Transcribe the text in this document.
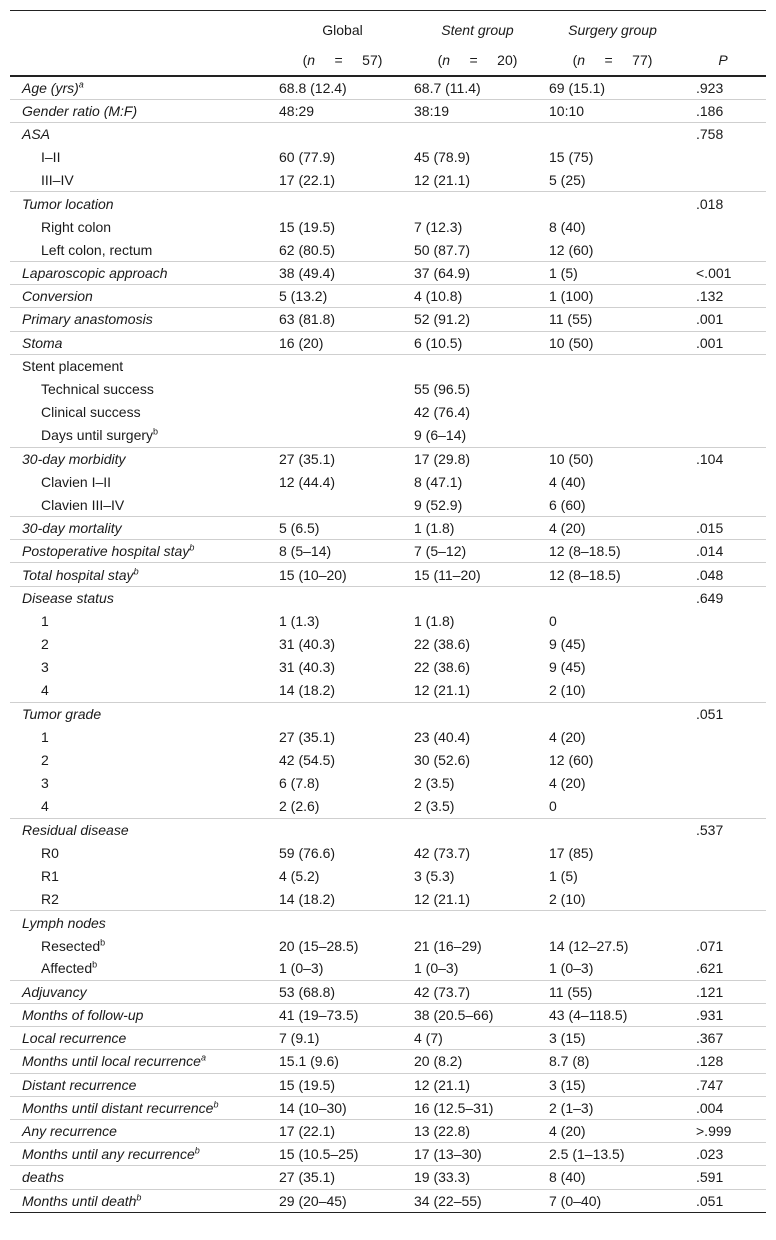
	Global	Stent group	Surgery group	
	(n = 57)	(n = 20)	(n = 77)	P
Age (yrs)$^a$	68.8 (12.4)	68.7 (11.4)	69 (15.1)	.923
Gender ratio (M:F)	48:29	38:19	10:10	.186
ASA				.758
I–II	60 (77.9)	45 (78.9)	15 (75)	
III–IV	17 (22.1)	12 (21.1)	5 (25)	
Tumor location				.018
Right colon	15 (19.5)	7 (12.3)	8 (40)	
Left colon, rectum	62 (80.5)	50 (87.7)	12 (60)	
Laparoscopic approach	38 (49.4)	37 (64.9)	1 (5)	<.001
Conversion	5 (13.2)	4 (10.8)	1 (100)	.132
Primary anastomosis	63 (81.8)	52 (91.2)	11 (55)	.001
Stoma	16 (20)	6 (10.5)	10 (50)	.001
Stent placement				
Technical success		55 (96.5)		
Clinical success		42 (76.4)		
Days until surgery$^b$		9 (6–14)		
30-day morbidity	27 (35.1)	17 (29.8)	10 (50)	.104
Clavien I–II	12 (44.4)	8 (47.1)	4 (40)	
Clavien III–IV		9 (52.9)	6 (60)	
30-day mortality	5 (6.5)	1 (1.8)	4 (20)	.015
Postoperative hospital stay$^b$	8 (5–14)	7 (5–12)	12 (8–18.5)	.014
Total hospital stay$^b$	15 (10–20)	15 (11–20)	12 (8–18.5)	.048
Disease status				.649
1	1 (1.3)	1 (1.8)	0	
2	31 (40.3)	22 (38.6)	9 (45)	
3	31 (40.3)	22 (38.6)	9 (45)	
4	14 (18.2)	12 (21.1)	2 (10)	
Tumor grade				.051
1	27 (35.1)	23 (40.4)	4 (20)	
2	42 (54.5)	30 (52.6)	12 (60)	
3	6 (7.8)	2 (3.5)	4 (20)	
4	2 (2.6)	2 (3.5)	0	
Residual disease				.537
R0	59 (76.6)	42 (73.7)	17 (85)	
R1	4 (5.2)	3 (5.3)	1 (5)	
R2	14 (18.2)	12 (21.1)	2 (10)	
Lymph nodes				
Resected$^b$	20 (15–28.5)	21 (16–29)	14 (12–27.5)	.071
Affected$^b$	1 (0–3)	1 (0–3)	1 (0–3)	.621
Adjuvancy	53 (68.8)	42 (73.7)	11 (55)	.121
Months of follow-up	41 (19–73.5)	38 (20.5–66)	43 (4–118.5)	.931
Local recurrence	7 (9.1)	4 (7)	3 (15)	.367
Months until local recurrence$^a$	15.1 (9.6)	20 (8.2)	8.7 (8)	.128
Distant recurrence	15 (19.5)	12 (21.1)	3 (15)	.747
Months until distant recurrence$^b$	14 (10–30)	16 (12.5–31)	2 (1–3)	.004
Any recurrence	17 (22.1)	13 (22.8)	4 (20)	>.999
Months until any recurrence$^b$	15 (10.5–25)	17 (13–30)	2.5 (1–13.5)	.023
deaths	27 (35.1)	19 (33.3)	8 (40)	.591
Months until death$^b$	29 (20–45)	34 (22–55)	7 (0–40)	.051
